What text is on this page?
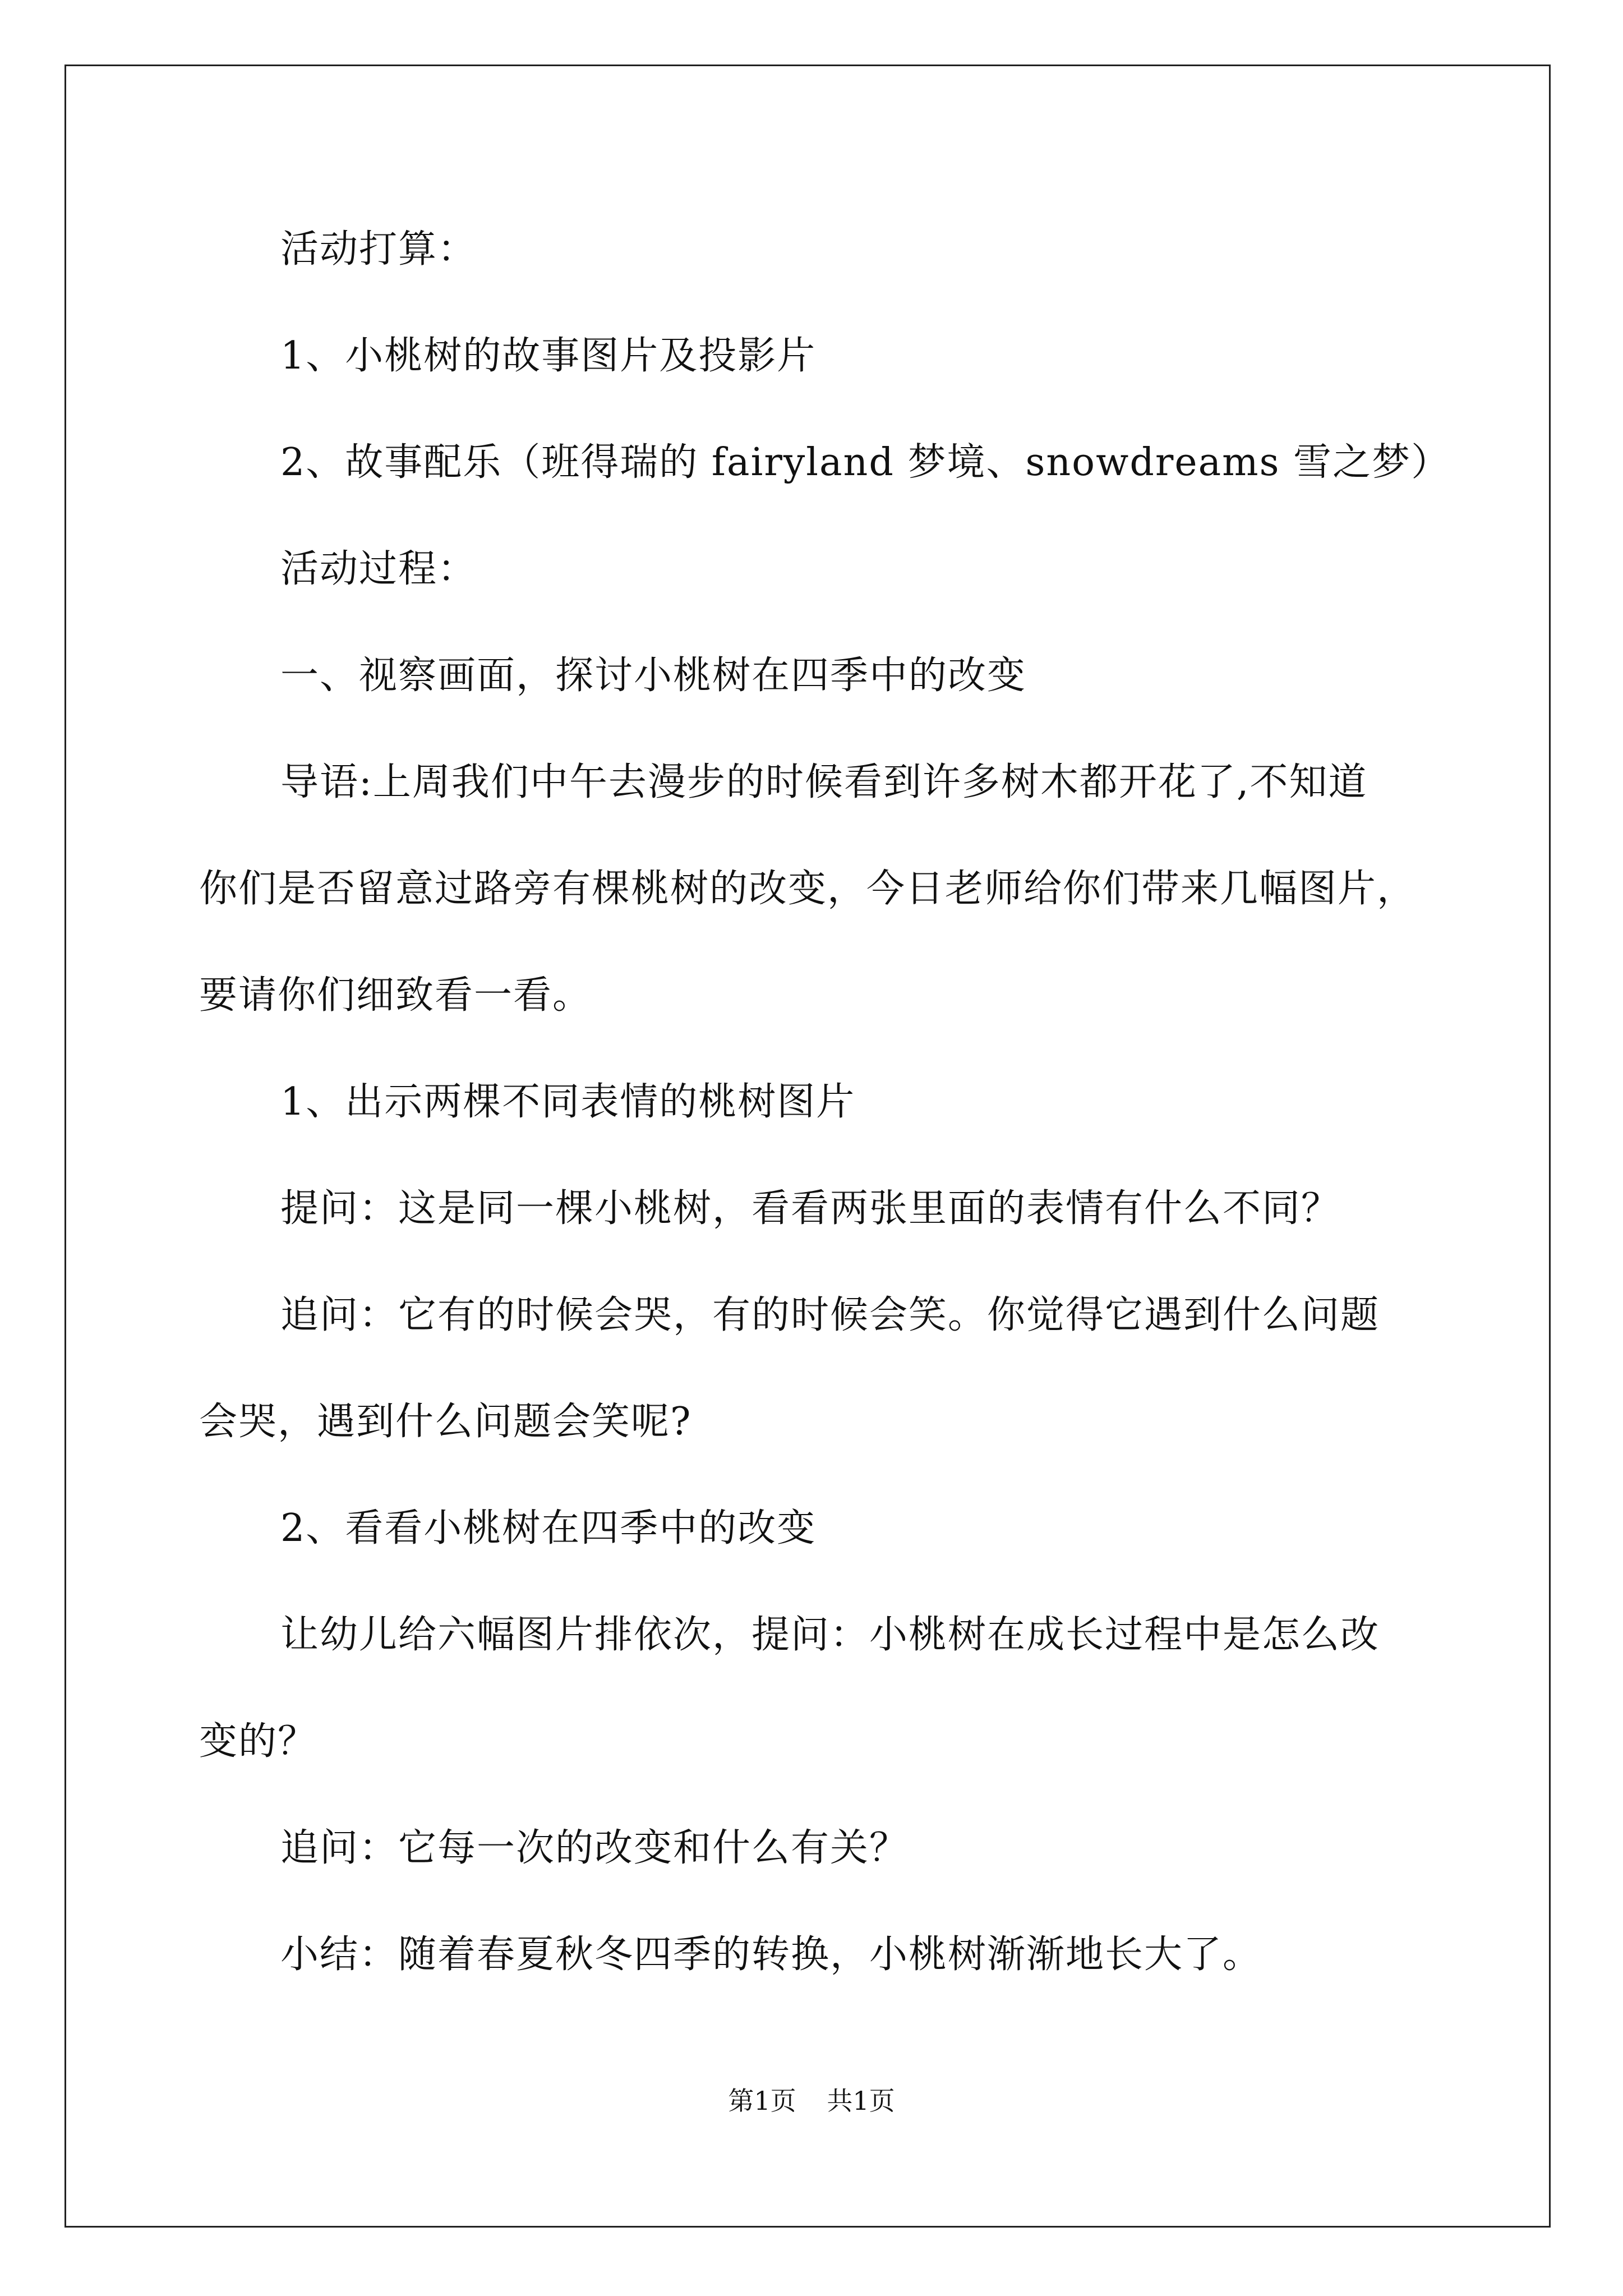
活动打算：
1、小桃树的故事图片及投影片
2、故事配乐（班得瑞的 fairyland 梦境、snowdreams 雪之梦）
活动过程：
一、视察画面，探讨小桃树在四季中的改变
导语:上周我们中午去漫步的时候看到许多树木都开花了,不知道
你们是否留意过路旁有棵桃树的改变，今日老师给你们带来几幅图片，
要请你们细致看一看。
1、出示两棵不同表情的桃树图片
提问：这是同一棵小桃树，看看两张里面的表情有什么不同？
追问：它有的时候会哭，有的时候会笑。你觉得它遇到什么问题
会哭，遇到什么问题会笑呢?
2、看看小桃树在四季中的改变
让幼儿给六幅图片排依次，提问：小桃树在成长过程中是怎么改
变的？
追问：它每一次的改变和什么有关？
小结：随着春夏秋冬四季的转换，小桃树渐渐地长大了。
第1页 共1页
